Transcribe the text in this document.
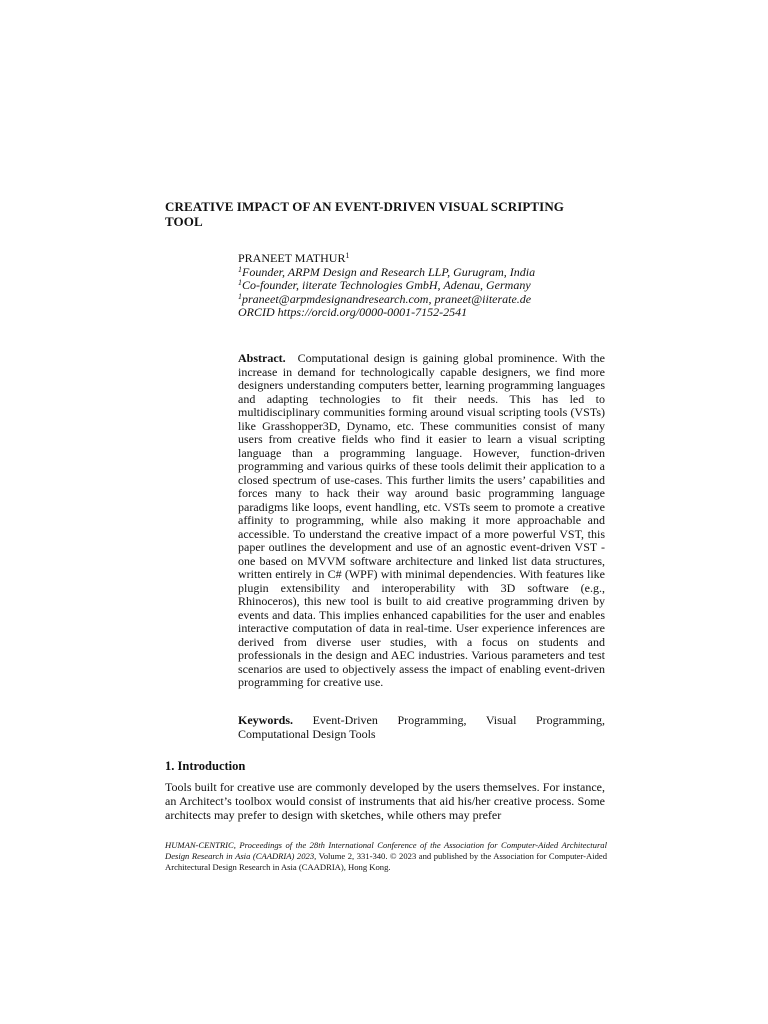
CREATIVE IMPACT OF AN EVENT-DRIVEN VISUAL SCRIPTING TOOL
PRANEET MATHUR$^1$
$^1$Founder, ARPM Design and Research LLP, Gurugram, India
$^1$Co-founder, iiterate Technologies GmbH, Adenau, Germany
$^1$praneet@arpmdesignandresearch.com, praneet@iiterate.de
ORCID https://orcid.org/0000-0001-7152-2541
Abstract. Computational design is gaining global prominence. With the increase in demand for technologically capable designers, we find more designers understanding computers better, learning programming languages and adapting technologies to fit their needs. This has led to multidisciplinary communities forming around visual scripting tools (VSTs) like Grasshopper3D, Dynamo, etc. These communities consist of many users from creative fields who find it easier to learn a visual scripting language than a programming language. However, function-driven programming and various quirks of these tools delimit their application to a closed spectrum of use-cases. This further limits the users’ capabilities and forces many to hack their way around basic programming language paradigms like loops, event handling, etc. VSTs seem to promote a creative affinity to programming, while also making it more approachable and accessible. To understand the creative impact of a more powerful VST, this paper outlines the development and use of an agnostic event-driven VST - one based on MVVM software architecture and linked list data structures, written entirely in C# (WPF) with minimal dependencies. With features like plugin extensibility and interoperability with 3D software (e.g., Rhinoceros), this new tool is built to aid creative programming driven by events and data. This implies enhanced capabilities for the user and enables interactive computation of data in real-time. User experience inferences are derived from diverse user studies, with a focus on students and professionals in the design and AEC industries. Various parameters and test scenarios are used to objectively assess the impact of enabling event-driven programming for creative use.
Keywords. Event-Driven Programming, Visual Programming, Computational Design Tools
1. Introduction
Tools built for creative use are commonly developed by the users themselves. For instance, an Architect’s toolbox would consist of instruments that aid his/her creative process. Some architects may prefer to design with sketches, while others may prefer
HUMAN-CENTRIC, Proceedings of the 28th International Conference of the Association for Computer-Aided Architectural Design Research in Asia (CAADRIA) 2023, Volume 2, 331-340. © 2023 and published by the Association for Computer-Aided Architectural Design Research in Asia (CAADRIA), Hong Kong.
